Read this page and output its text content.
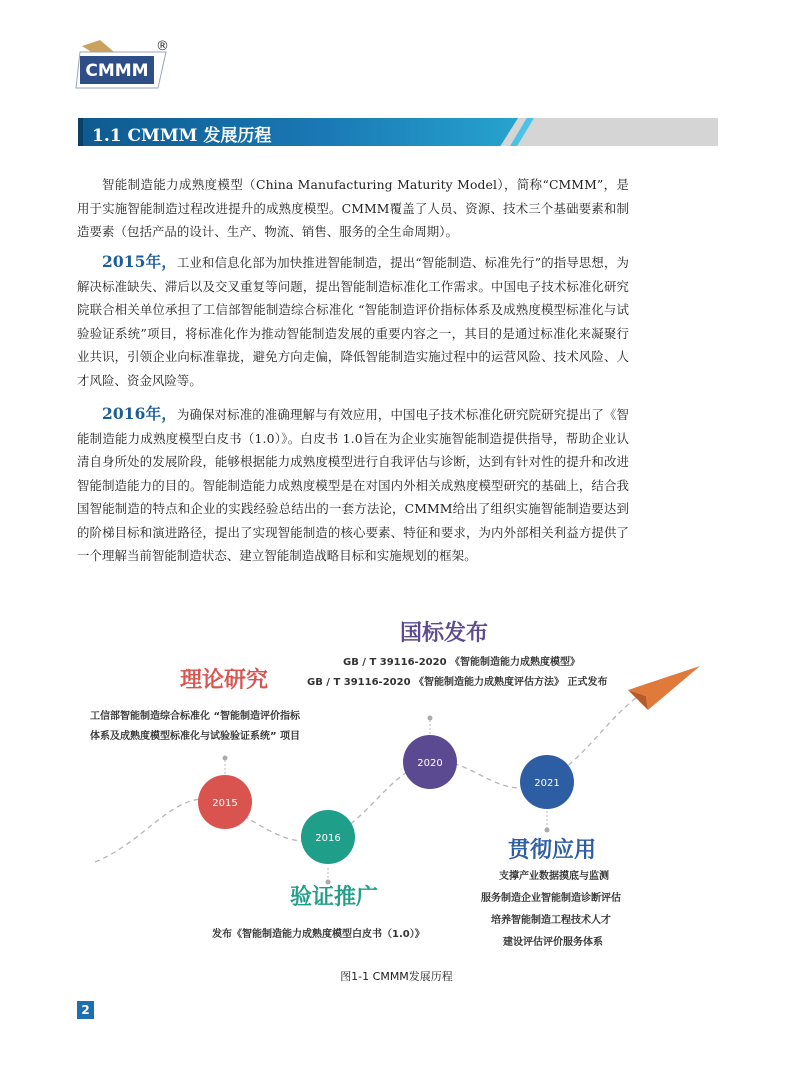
CMMM
®
1.1 CMMM 发展历程
智能制造能力成熟度模型（China Manufacturing Maturity Model），简称“CMMM”，是用于实施智能制造过程改进提升的成熟度模型。CMMM覆盖了人员、资源、技术三个基础要素和制造要素（包括产品的设计、生产、物流、销售、服务的全生命周期）。
2015年，工业和信息化部为加快推进智能制造，提出“智能制造、标准先行”的指导思想，为解决标准缺失、滞后以及交叉重复等问题，提出智能制造标准化工作需求。中国电子技术标准化研究院联合相关单位承担了工信部智能制造综合标准化 “智能制造评价指标体系及成熟度模型标准化与试验验证系统”项目，将标准化作为推动智能制造发展的重要内容之一，其目的是通过标准化来凝聚行业共识，引领企业向标准靠拢，避免方向走偏，降低智能制造实施过程中的运营风险、技术风险、人才风险、资金风险等。
2016年，为确保对标准的准确理解与有效应用，中国电子技术标准化研究院研究提出了《智能制造能力成熟度模型白皮书（1.0）》。白皮书 1.0旨在为企业实施智能制造提供指导，帮助企业认清自身所处的发展阶段，能够根据能力成熟度模型进行自我评估与诊断，达到有针对性的提升和改进智能制造能力的目的。智能制造能力成熟度模型是在对国内外相关成熟度模型研究的基础上，结合我国智能制造的特点和企业的实践经验总结出的一套方法论，CMMM给出了组织实施智能制造要达到的阶梯目标和演进路径，提出了实现智能制造的核心要素、特征和要求，为内外部相关利益方提供了一个理解当前智能制造状态、建立智能制造战略目标和实施规划的框架。
2015
2016
2020
2021
理论研究
工信部智能制造综合标准化 “智能制造评价指标
体系及成熟度模型标准化与试验验证系统” 项目
国标发布
GB / T 39116-2020 《智能制造能力成熟度模型》
GB / T 39116-2020 《智能制造能力成熟度评估方法》 正式发布
验证推广
发布《智能制造能力成熟度模型白皮书（1.0）》
贯彻应用
支撑产业数据摸底与监测
服务制造企业智能制造诊断评估
培养智能制造工程技术人才
建设评估评价服务体系
图1-1 CMMM发展历程
2
